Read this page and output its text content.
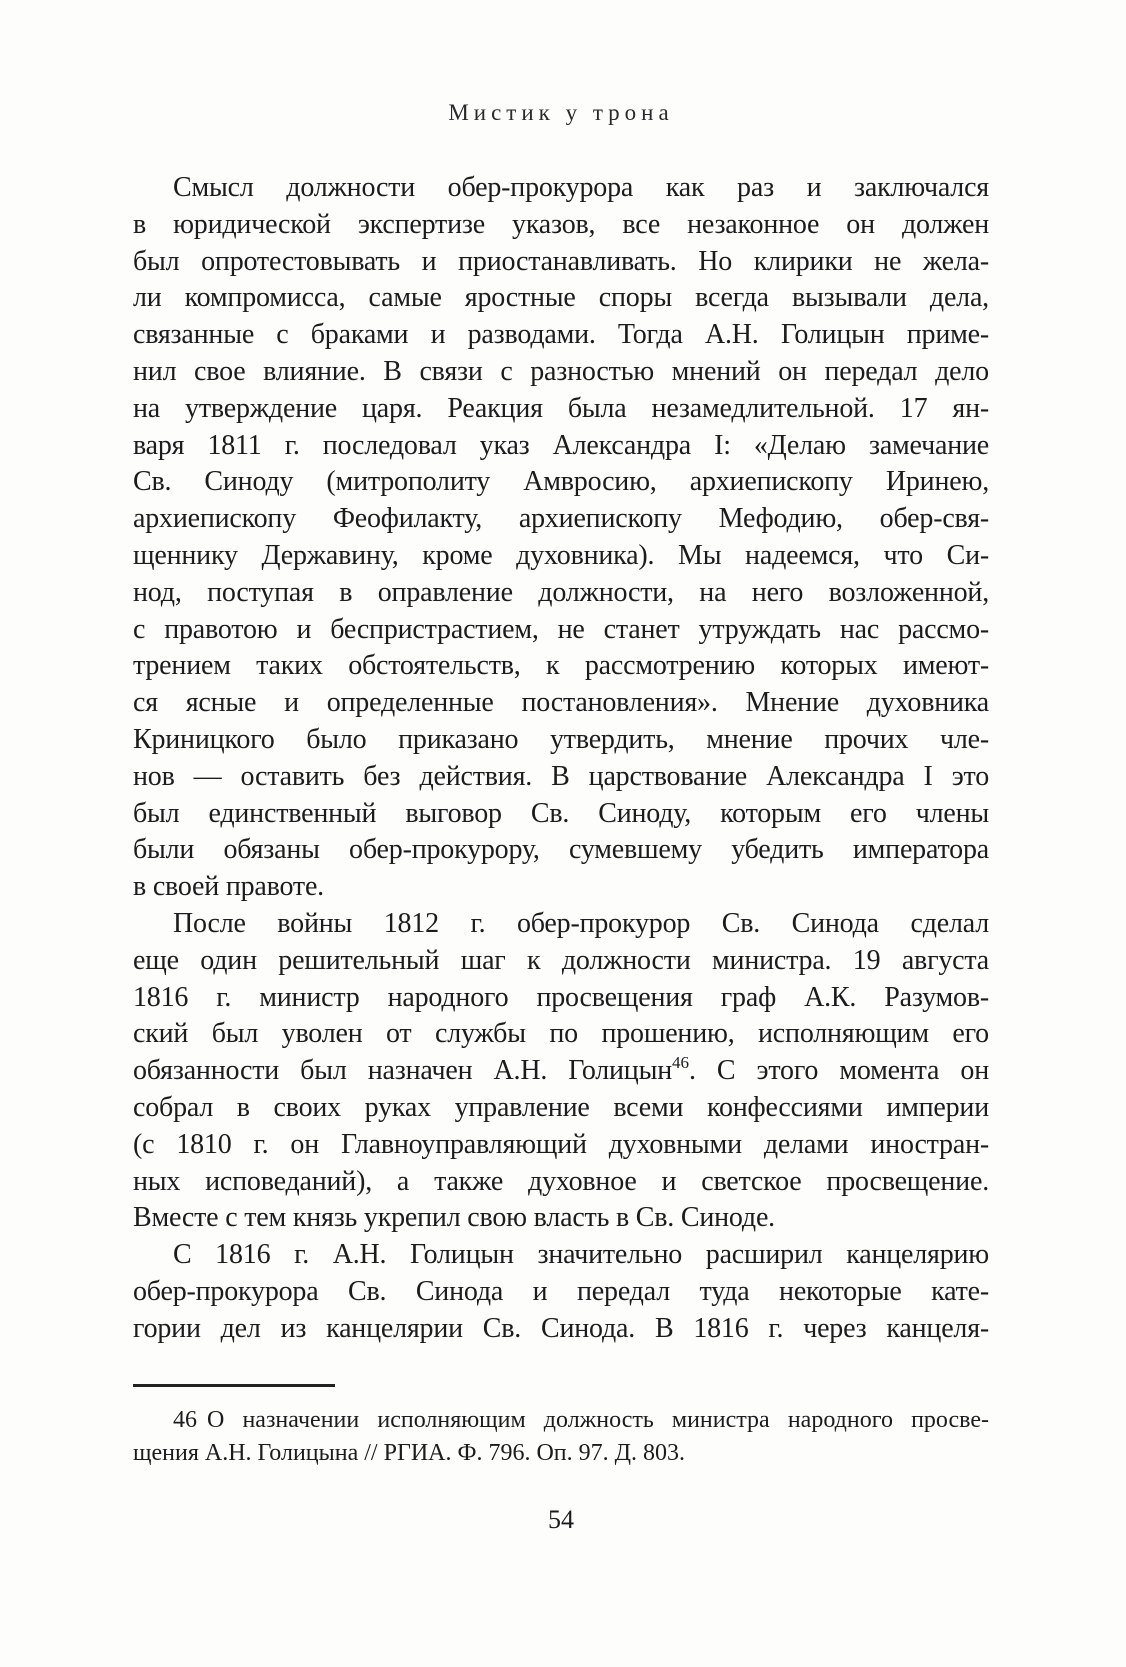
Мистик у трона
Смысл должности обер-прокурора как раз и заключался
в юридической экспертизе указов, все незаконное он должен
был опротестовывать и приостанавливать. Но клирики не жела-
ли компромисса, самые яростные споры всегда вызывали дела,
связанные с браками и разводами. Тогда А.Н. Голицын приме-
нил свое влияние. В связи с разностью мнений он передал дело
на утверждение царя. Реакция была незамедлительной. 17 ян-
варя 1811 г. последовал указ Александра I: «Делаю замечание
Св. Синоду (митрополиту Амвросию, архиепископу Иринею,
архиепископу Феофилакту, архиепископу Мефодию, обер-свя-
щеннику Державину, кроме духовника). Мы надеемся, что Си-
нод, поступая в оправление должности, на него возложенной,
с правотою и беспристрастием, не станет утруждать нас рассмо-
трением таких обстоятельств, к рассмотрению которых имеют-
ся ясные и определенные постановления». Мнение духовника
Криницкого было приказано утвердить, мнение прочих чле-
нов — оставить без действия. В царствование Александра I это
был единственный выговор Св. Синоду, которым его члены
были обязаны обер-прокурору, сумевшему убедить императора
в своей правоте.
После войны 1812 г. обер-прокурор Св. Синода сделал
еще один решительный шаг к должности министра. 19 августа
1816 г. министр народного просвещения граф А.К. Разумов-
ский был уволен от службы по прошению, исполняющим его
обязанности был назначен А.Н. Голицын$^{46}$. С этого момента он
собрал в своих руках управление всеми конфессиями империи
(с 1810 г. он Главноуправляющий духовными делами иностран-
ных исповеданий), а также духовное и светское просвещение.
Вместе с тем князь укрепил свою власть в Св. Синоде.
С 1816 г. А.Н. Голицын значительно расширил канцелярию
обер-прокурора Св. Синода и передал туда некоторые кате-
гории дел из канцелярии Св. Синода. В 1816 г. через канцеля-
46 О назначении исполняющим должность министра народного просве-
щения А.Н. Голицына // РГИА. Ф. 796. Оп. 97. Д. 803.
54
